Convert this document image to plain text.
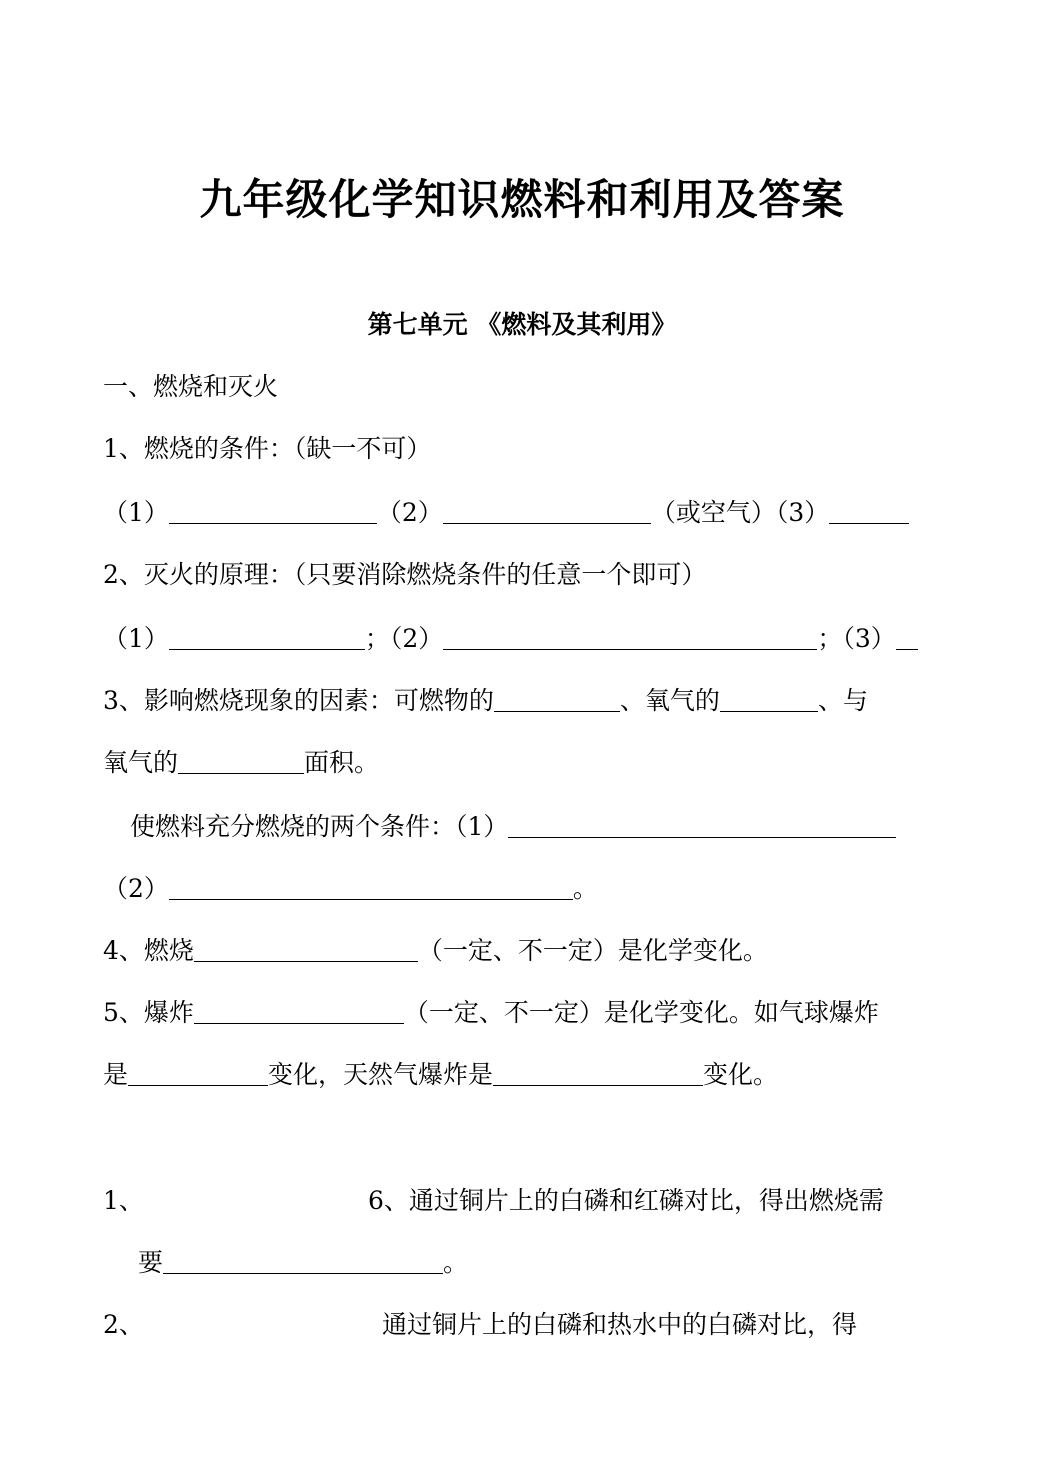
九年级化学知识燃料和利用及答案
第七单元 《燃料及其利用》
一、燃烧和灭火
1、燃烧的条件：（缺一不可）
（1）	（2）	（或空气）（3）
2、灭火的原理：（只要消除燃烧条件的任意一个即可）
（1）	；（2）	；（3）
3、影响燃烧现象的因素：可燃物的	、氧气的	、与
氧气的	面积。
使燃料充分燃烧的两个条件：（1）
（2）	。
4、燃烧	（一定、不一定）是化学变化。
5、爆炸	（一定、不一定）是化学变化。如气球爆炸
是	变化，天然气爆炸是	变化。
1、	6、通过铜片上的白磷和红磷对比，得出燃烧需
要	。
2、	通过铜片上的白磷和热水中的白磷对比，得
